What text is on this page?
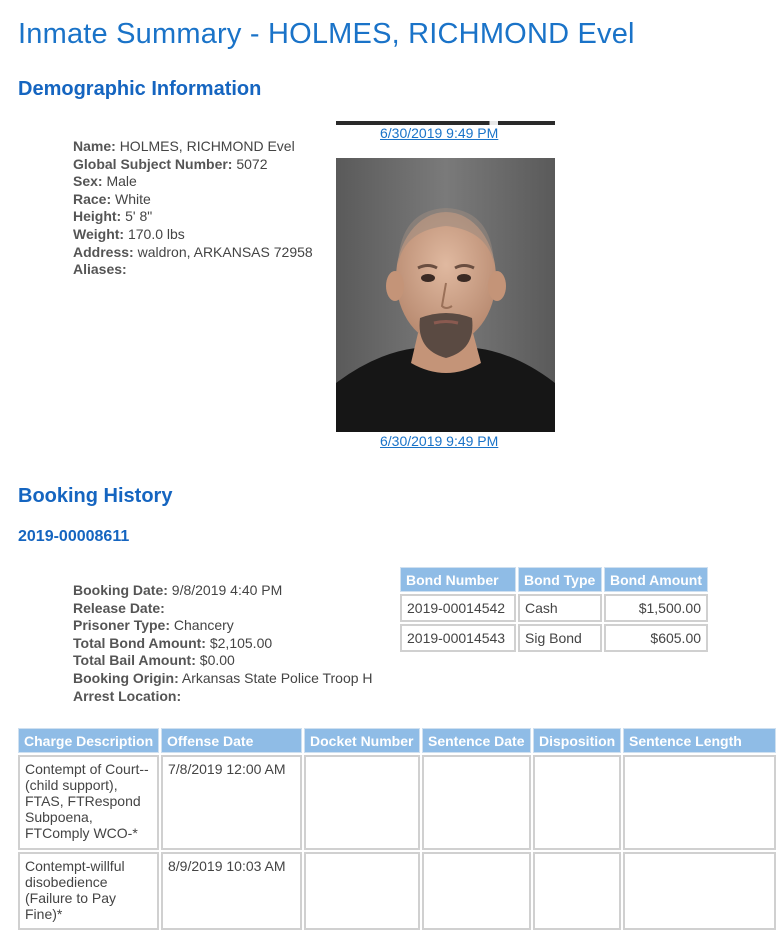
Inmate Summary - HOLMES, RICHMOND Evel
Demographic Information
Name: HOLMES, RICHMOND Evel
Global Subject Number: 5072
Sex: Male
Race: White
Height: 5' 8"
Weight: 170.0 lbs
Address: waldron, ARKANSAS 72958
Aliases:
6/30/2019 9:49 PM
6/30/2019 9:49 PM
Booking History
2019-00008611
Booking Date: 9/8/2019 4:40 PM
Release Date:
Prisoner Type: Chancery
Total Bond Amount: $2,105.00
Total Bail Amount: $0.00
Booking Origin: Arkansas State Police Troop H
Arrest Location:
Bond Number	Bond Type	Bond Amount
2019-00014542	Cash	$1,500.00
2019-00014543	Sig Bond	$605.00
Charge Description	Offense Date	Docket Number	Sentence Date	Disposition	Sentence Length
Contempt of Court--(child support), FTAS, FTRespond Subpoena, FTComply WCO-*	7/8/2019 12:00 AM				
Contempt-willful disobedience (Failure to Pay Fine)*	8/9/2019 10:03 AM				
